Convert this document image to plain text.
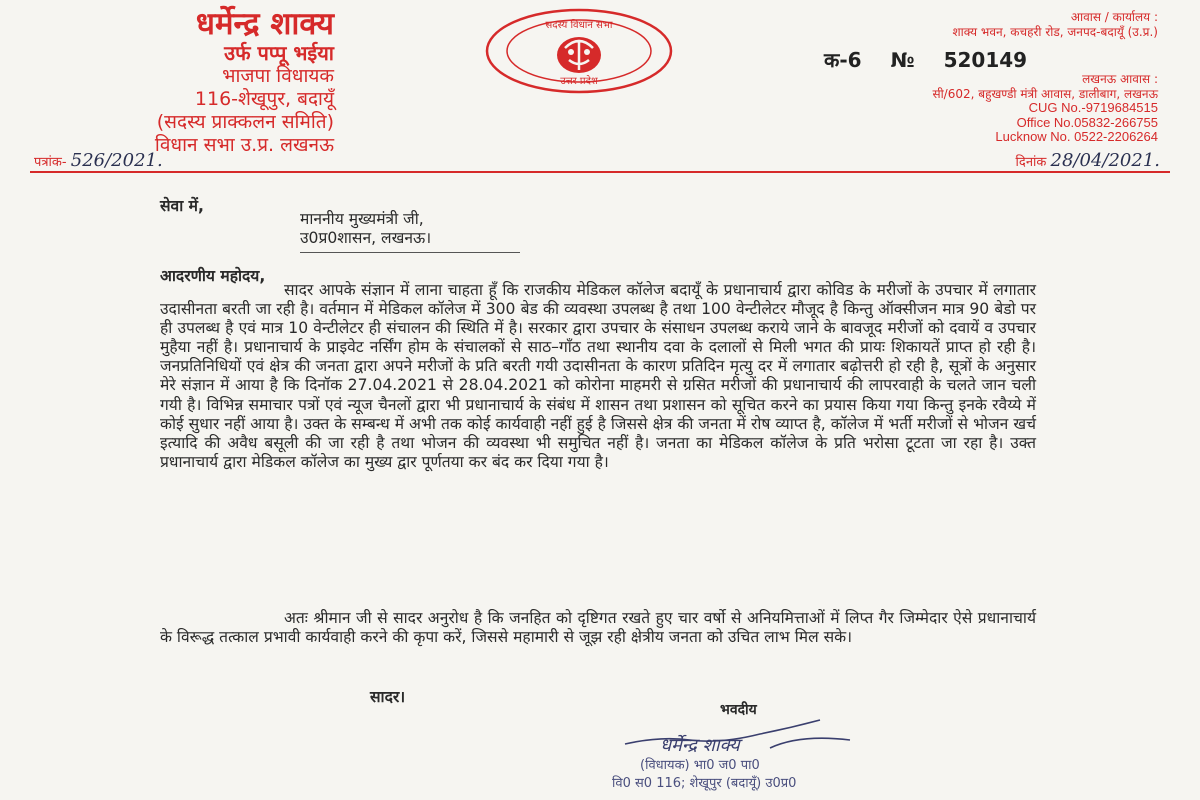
धर्मेन्द्र शाक्य
उर्फ पप्पू भईया
भाजपा विधायक
116-शेखूपुर, बदायूँ
(सदस्य प्राक्कलन समिति)
विधान सभा उ.प्र. लखनऊ
सदस्य विधान सभा
उत्तर प्रदेश
आवास / कार्यालय :
शाक्य भवन, कचहरी रोड, जनपद-बदायूँ (उ.प्र.)
क-6 № 520149
लखनऊ आवास :
सी/602, बहुखण्डी मंत्री आवास, डालीबाग, लखनऊ
CUG No.-9719684515
Office No.05832-266755
Lucknow No. 0522-2206264
पत्रांक- 526/2021.	दिनांक 28/04/2021.
सेवा में,
माननीय मुख्यमंत्री जी,
उ0प्र0शासन, लखनऊ।
आदरणीय महोदय,
सादर आपके संज्ञान में लाना चाहता हूँ कि राजकीय मेडिकल कॉलेज बदायूँ के प्रधानाचार्य द्वारा कोविड के मरीजों के उपचार में लगातार उदासीनता बरती जा रही है। वर्तमान में मेडिकल कॉलेज में 300 बेड की व्यवस्था उपलब्ध है तथा 100 वेन्टीलेटर मौजूद है किन्तु ऑक्सीजन मात्र 90 बेडो पर ही उपलब्ध है एवं मात्र 10 वेन्टीलेटर ही संचालन की स्थिति में है। सरकार द्वारा उपचार के संसाधन उपलब्ध कराये जाने के बावजूद मरीजों को दवायें व उपचार मुहैया नहीं है। प्रधानाचार्य के प्राइवेट नर्सिंग होम के संचालकों से साठ–गाँठ तथा स्थानीय दवा के दलालों से मिली भगत की प्रायः शिकायतें प्राप्त हो रही है। जनप्रतिनिधियों एवं क्षेत्र की जनता द्वारा अपने मरीजों के प्रति बरती गयी उदासीनता के कारण प्रतिदिन मृत्यु दर में लगातार बढ़ोत्तरी हो रही है, सूत्रों के अनुसार मेरे संज्ञान में आया है कि दिनॉक 27.04.2021 से 28.04.2021 को कोरोना माहमरी से ग्रसित मरीजों की प्रधानाचार्य की लापरवाही के चलते जान चली गयी है। विभिन्न समाचार पत्रों एवं न्यूज चैनलों द्वारा भी प्रधानाचार्य के संबंध में शासन तथा प्रशासन को सूचित करने का प्रयास किया गया किन्तु इनके रवैय्ये में कोई सुधार नहीं आया है। उक्त के सम्बन्ध में अभी तक कोई कार्यवाही नहीं हुई है जिससे क्षेत्र की जनता में रोष व्याप्त है, कॉलेज में भर्ती मरीजों से भोजन खर्च इत्यादि की अवैध बसूली की जा रही है तथा भोजन की व्यवस्था भी समुचित नहीं है। जनता का मेडिकल कॉलेज के प्रति भरोसा टूटता जा रहा है। उक्त प्रधानाचार्य द्वारा मेडिकल कॉलेज का मुख्य द्वार पूर्णतया कर बंद कर दिया गया है।
अतः श्रीमान जी से सादर अनुरोध है कि जनहित को दृष्टिगत रखते हुए चार वर्षो से अनियमित्ताओं में लिप्त गैर जिम्मेदार ऐसे प्रधानाचार्य के विरूद्ध तत्काल प्रभावी कार्यवाही करने की कृपा करें, जिससे महामारी से जूझ रही क्षेत्रीय जनता को उचित लाभ मिल सके।
सादर।
भवदीय
धर्मेन्द्र शाक्य
(विधायक) भा0 ज0 पा0
वि0 स0 116; शेखूपुर (बदायूँ) उ0प्र0
